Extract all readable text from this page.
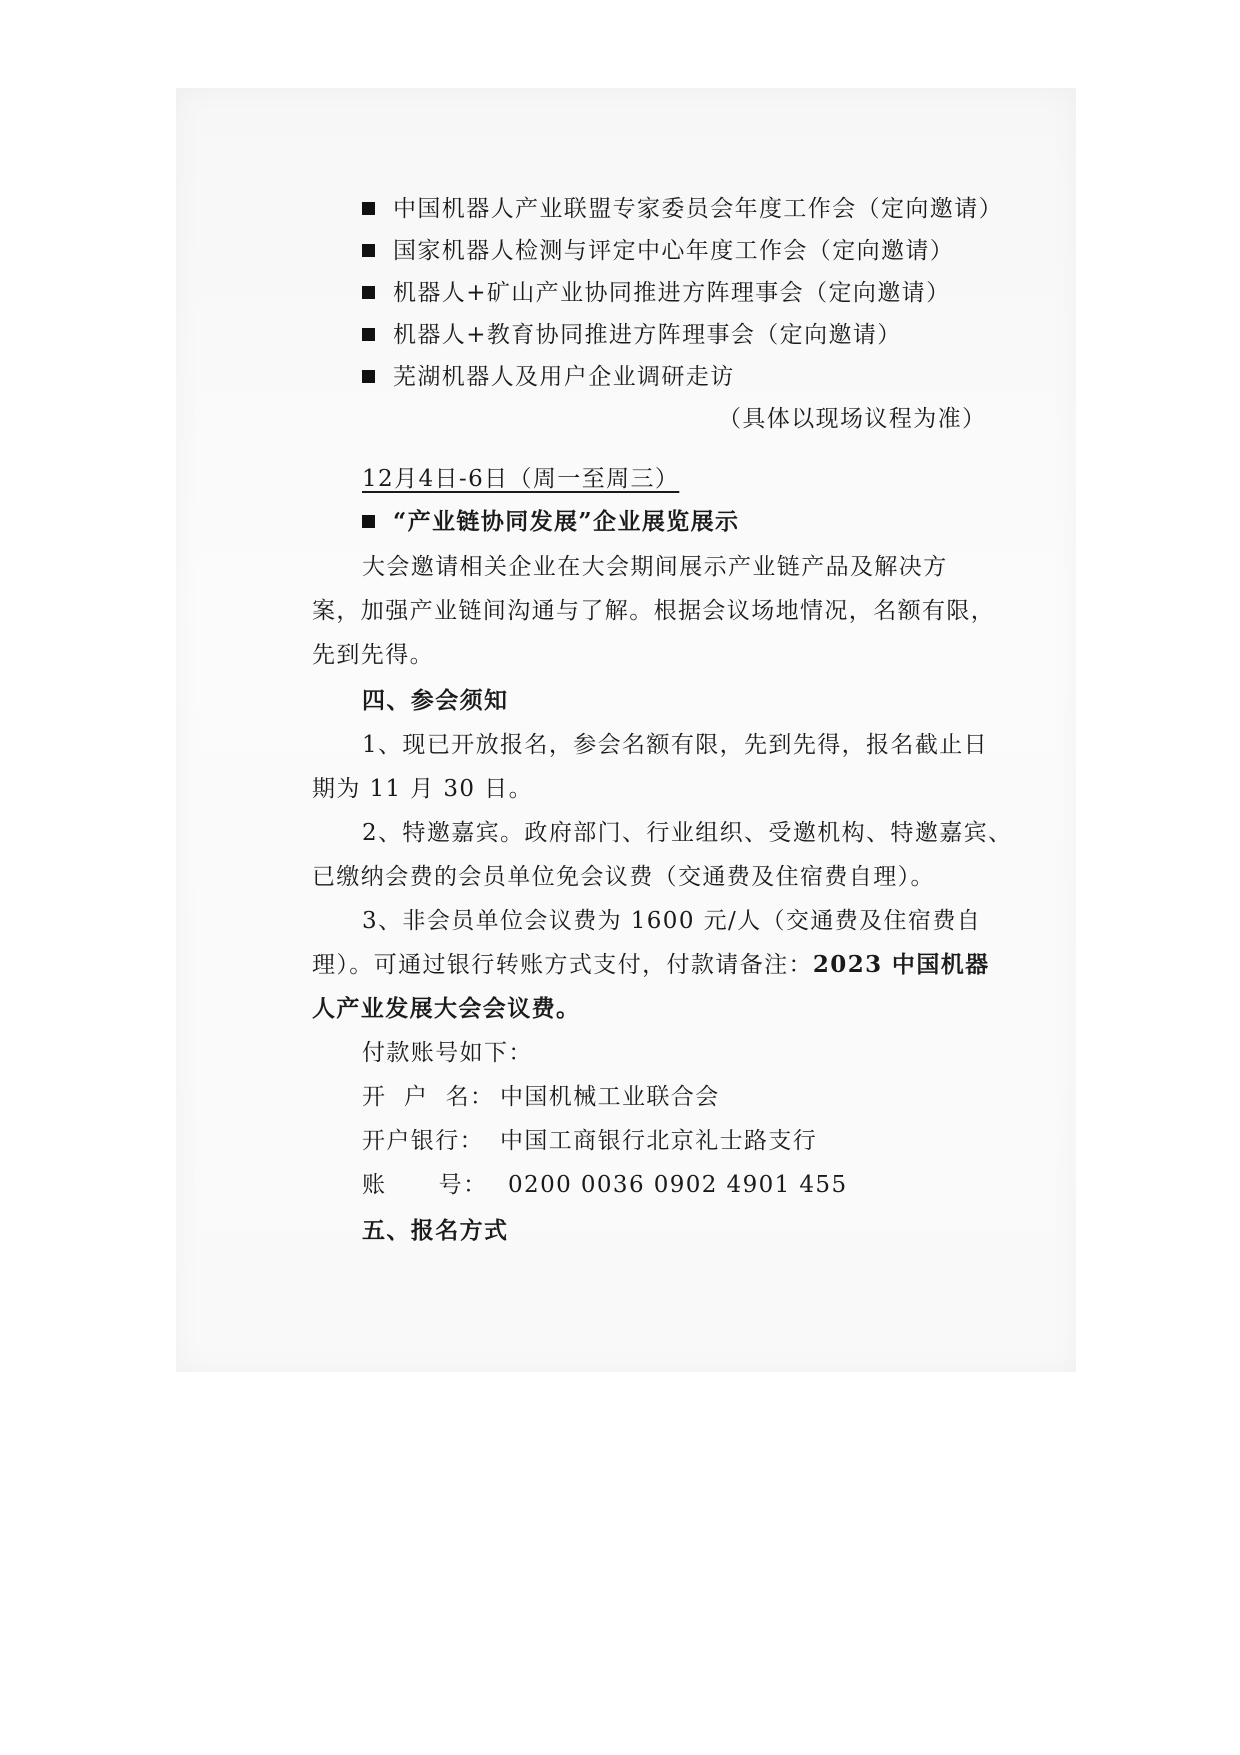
中国机器人产业联盟专家委员会年度工作会（定向邀请）
国家机器人检测与评定中心年度工作会（定向邀请）
机器人+矿山产业协同推进方阵理事会（定向邀请）
机器人+教育协同推进方阵理事会（定向邀请）
芜湖机器人及用户企业调研走访
（具体以现场议程为准）
12月4日-6日（周一至周三）
“产业链协同发展”企业展览展示
大会邀请相关企业在大会期间展示产业链产品及解决方
案，加强产业链间沟通与了解。根据会议场地情况，名额有限，
先到先得。
四、参会须知
1、现已开放报名，参会名额有限，先到先得，报名截止日
期为 11 月 30 日。
2、特邀嘉宾。政府部门、行业组织、受邀机构、特邀嘉宾、
已缴纳会费的会员单位免会议费（交通费及住宿费自理）。
3、非会员单位会议费为 1600 元/人（交通费及住宿费自
理）。可通过银行转账方式支付，付款请备注：2023 中国机器
人产业发展大会会议费。
付款账号如下：
开  户  名： 中国机械工业联合会
开户银行： 中国工商银行北京礼士路支行
账      号： 0200 0036 0902 4901 455
五、报名方式
